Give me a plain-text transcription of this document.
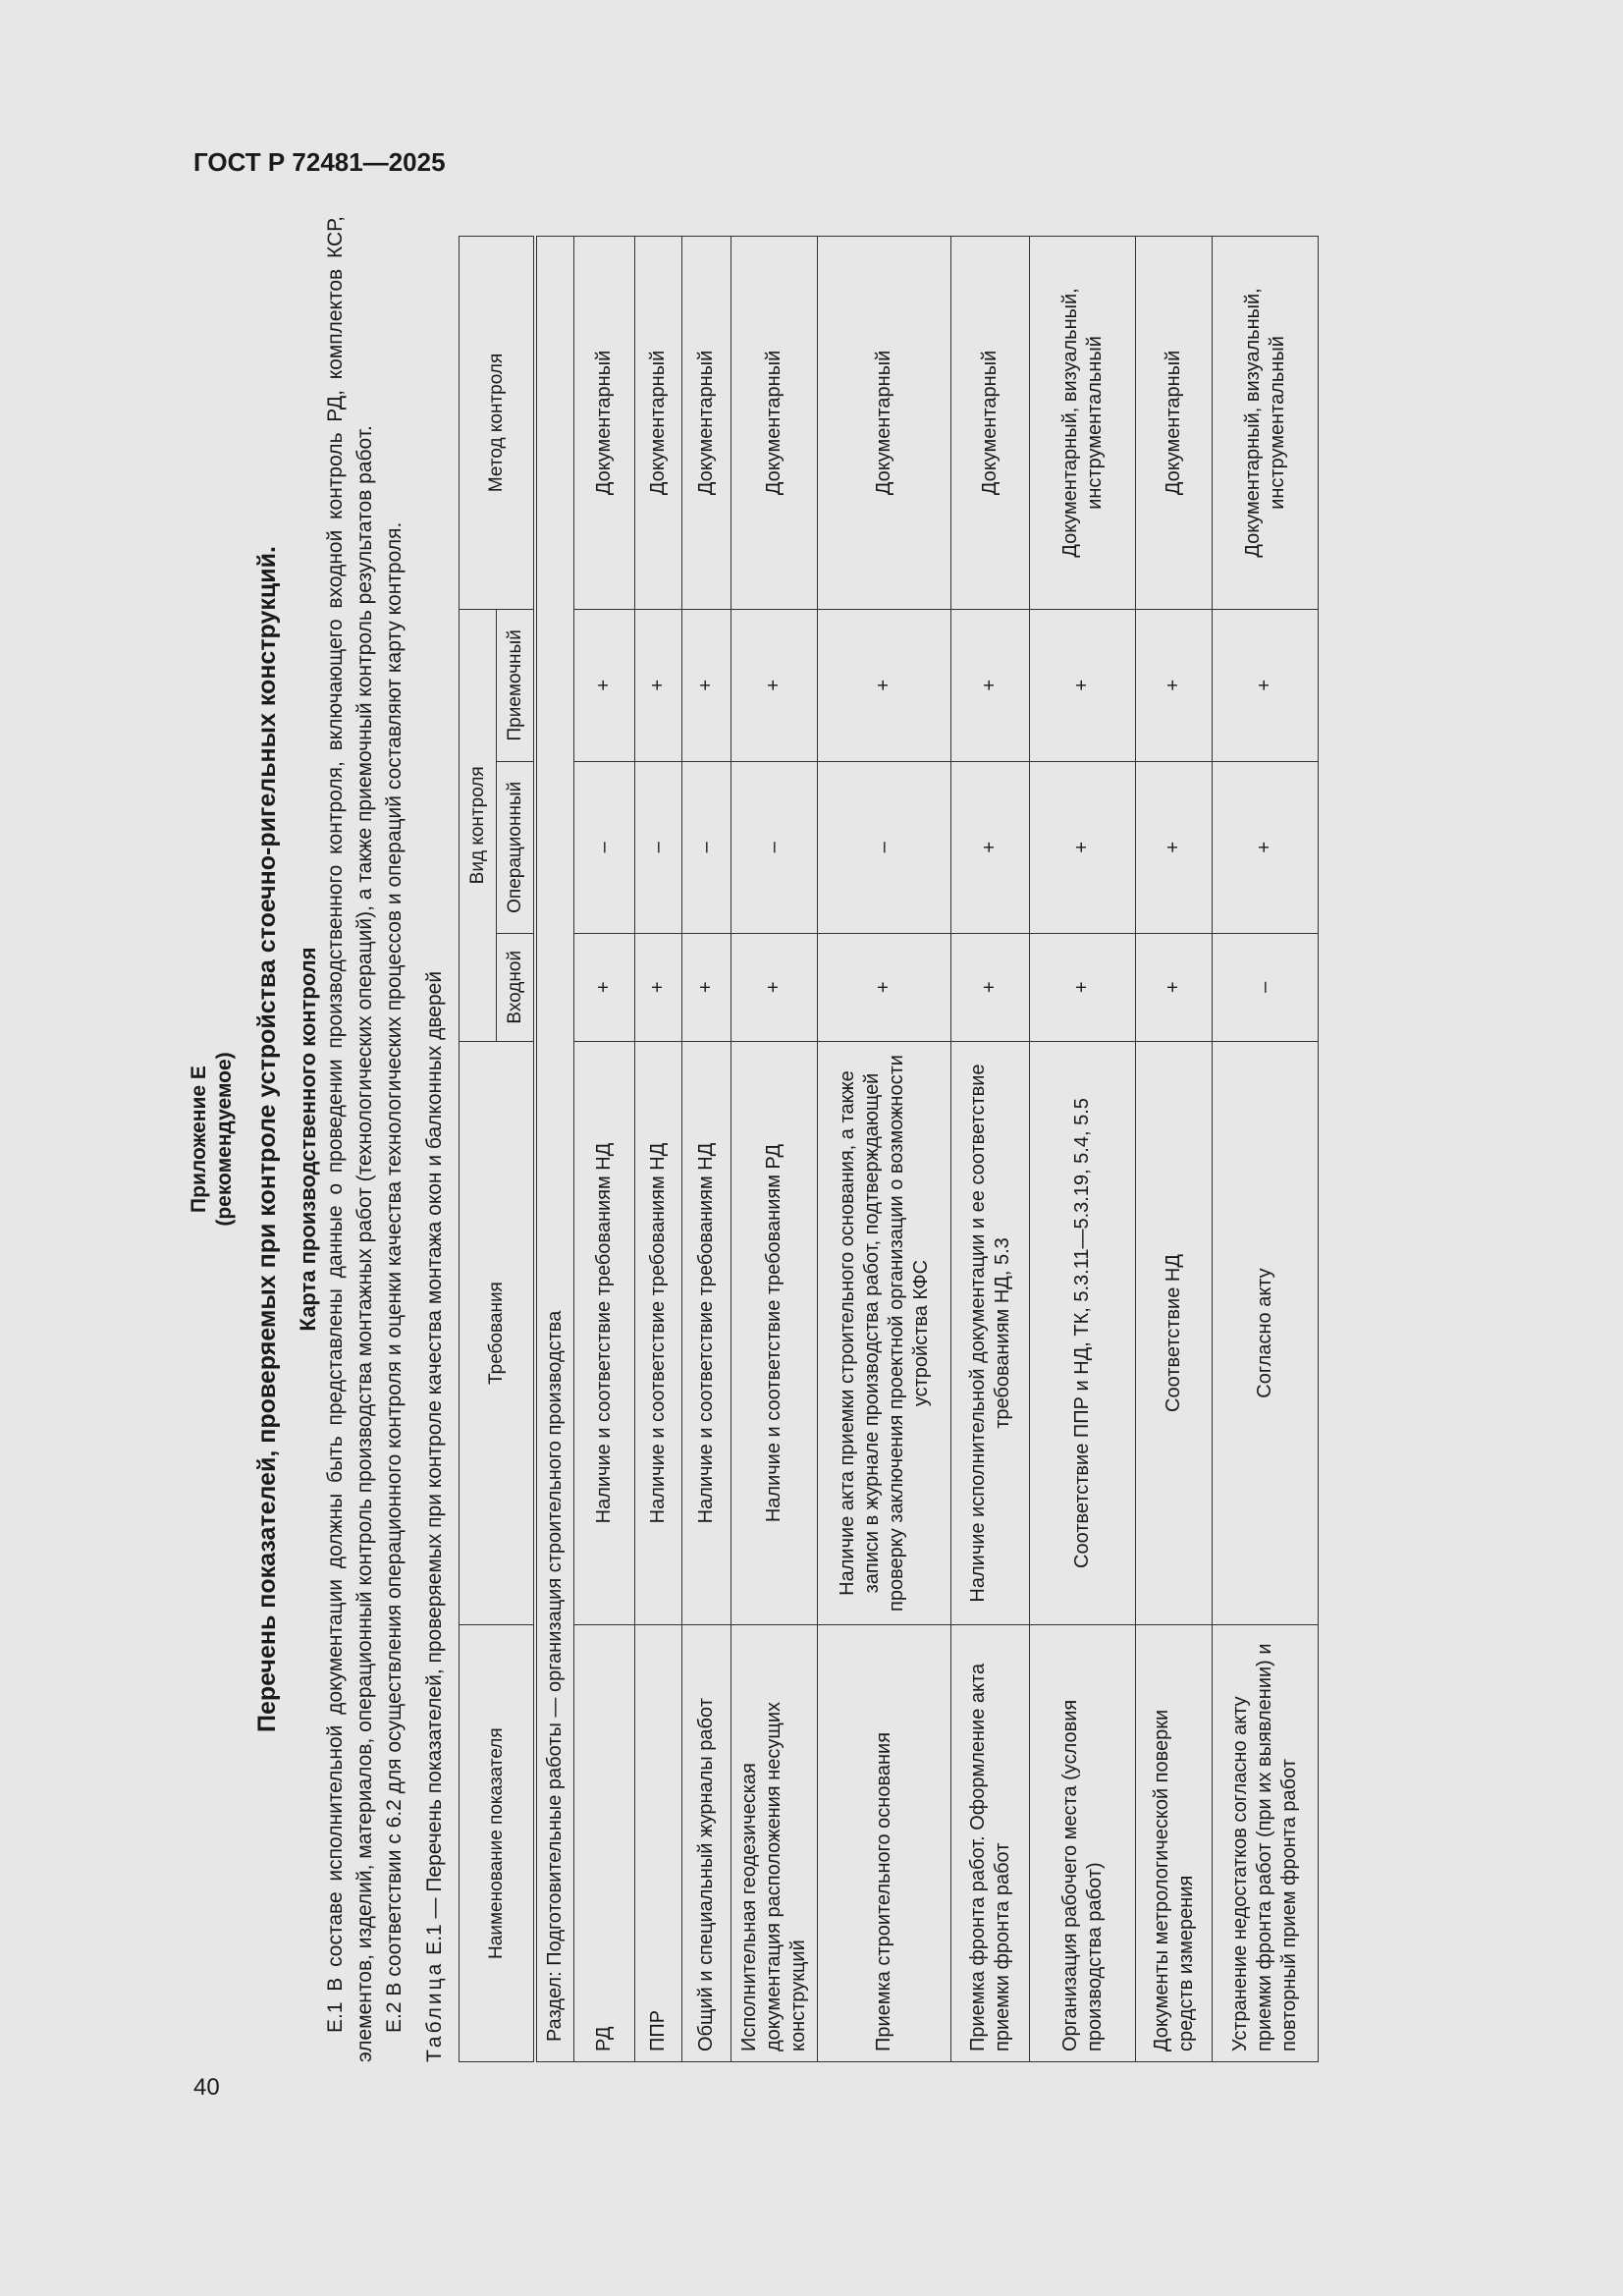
ГОСТ Р 72481—2025
40
Приложение Е (рекомендуемое) Перечень показателей, проверяемых при контроле устройства стоечно-ригельных конструкций. Карта производственного контроля Е.1 В составе исполнительной документации должны быть представлены данные о проведении производственного контроля, включающего входной контроль РД, комплектов КСР, элементов, изделий, материалов, операционный контроль производства монтажных работ (технологических операций), а также приемочный контроль результатов работ. Е.2 В соответствии с 6.2 для осуществления операционного контроля и оценки качества технологических процессов и операций составляют карту контроля. Таблица Е.1 — Перечень показателей, проверяемых при контроле качества монтажа окон и балконных дверей Наименование показателя	Требования	Вид контроля			Метод контроля
		Входной	Операционный	Приемочный	
Раздел: Подготовительные работы — организация строительного производства					
РД	Наличие и соответствие требованиям НД	+	–	+	Документарный
ППР	Наличие и соответствие требованиям НД	+	–	+	Документарный
Общий и специальный журналы работ	Наличие и соответствие требованиям НД	+	–	+	Документарный
Исполнительная геодезическая документация расположения несущих конструкций	Наличие и соответствие требованиям РД	+	–	+	Документарный
Приемка строительного основания	Наличие акта приемки строительного основания, а также записи в журнале производства работ, подтверждающей проверку заключения проектной организации о возможности устройства КФС	+	–	+	Документарный
Приемка фронта работ. Оформление акта приемки фронта работ	Наличие исполнительной документации и ее соответствие требованиям НД, 5.3	+	+	+	Документарный
Организация рабочего места (условия производства работ)	Соответствие ППР и НД, ТК, 5.3.11—5.3.19, 5.4, 5.5	+	+	+	Документарный, визуальный, инструментальный
Документы метрологической поверки средств измерения	Соответствие НД	+	+	+	Документарный
Устранение недостатков согласно акту приемки фронта работ (при их выявлении) и повторный прием фронта работ	Согласно акту	–	+	+	Документарный, визуальный, инструментальный
